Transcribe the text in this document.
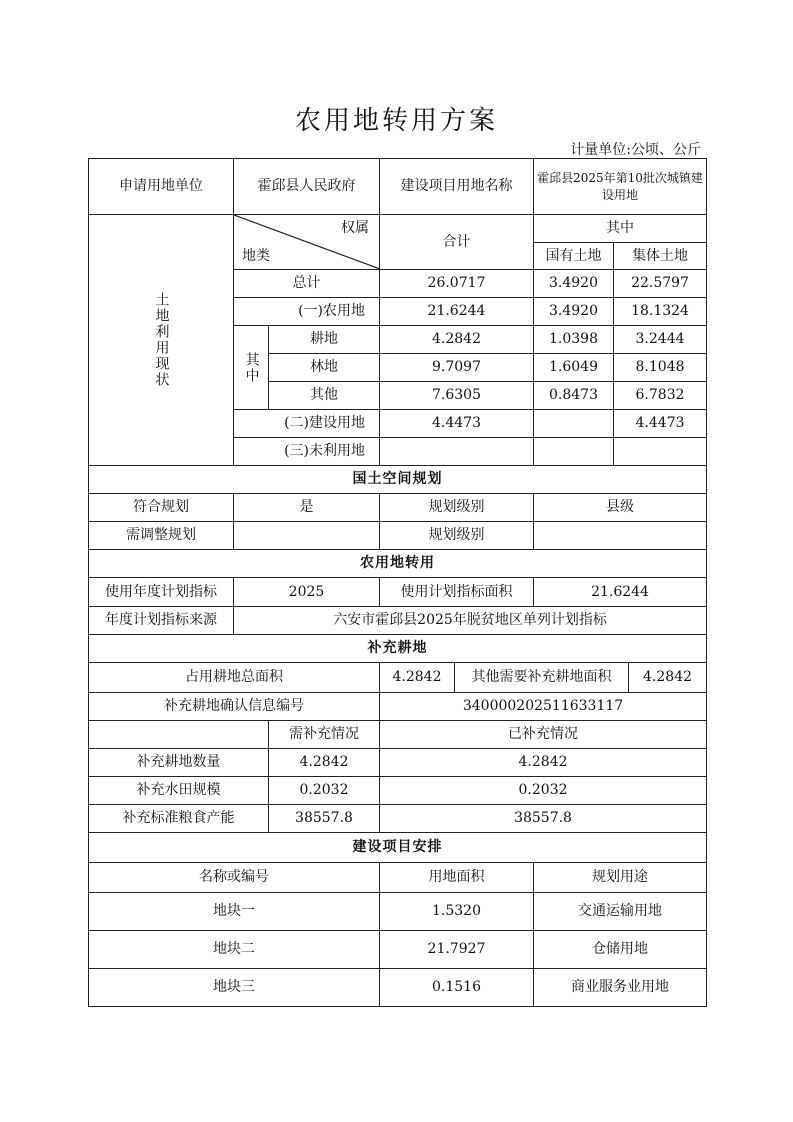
农用地转用方案
计量单位:公顷、公斤
申请用地单位	霍邱县人民政府		建设项目用地名称		霍邱县2025年第10批次城镇建设用地		

土地利用现状	权属
地类		合计		其中		
					国有土地	集体土地	
	总计		26.0717		3.4920	22.5797	
	(一)农用地		21.6244		3.4920	18.1324	

	其中	耕地	4.2842		1.0398	3.2444	
		林地	9.7097		1.6049	8.1048	
		其他	7.6305		0.8473	6.7832	
	(二)建设用地		4.4473			4.4473	
	(三)未利用地						
国土空间规划							
符合规划	是		规划级别		县级		
需调整规划			规划级别				
农用地转用							
使用年度计划指标	2025		使用计划指标面积		21.6244		
年度计划指标来源	六安市霍邱县2025年脱贫地区单列计划指标						
补充耕地							
占用耕地总面积			4.2842	其他需要补充耕地面积			4.2842
补充耕地确认信息编号			340000202511633117				
		需补充情况	已补充情况				
补充耕地数量		4.2842	4.2842				
补充水田规模		0.2032	0.2032				
补充标准粮食产能		38557.8	38557.8				
建设项目安排							
名称或编号			用地面积		规划用途		
地块一			1.5320		交通运输用地		
地块二			21.7927		仓储用地		
地块三			0.1516		商业服务业用地		
